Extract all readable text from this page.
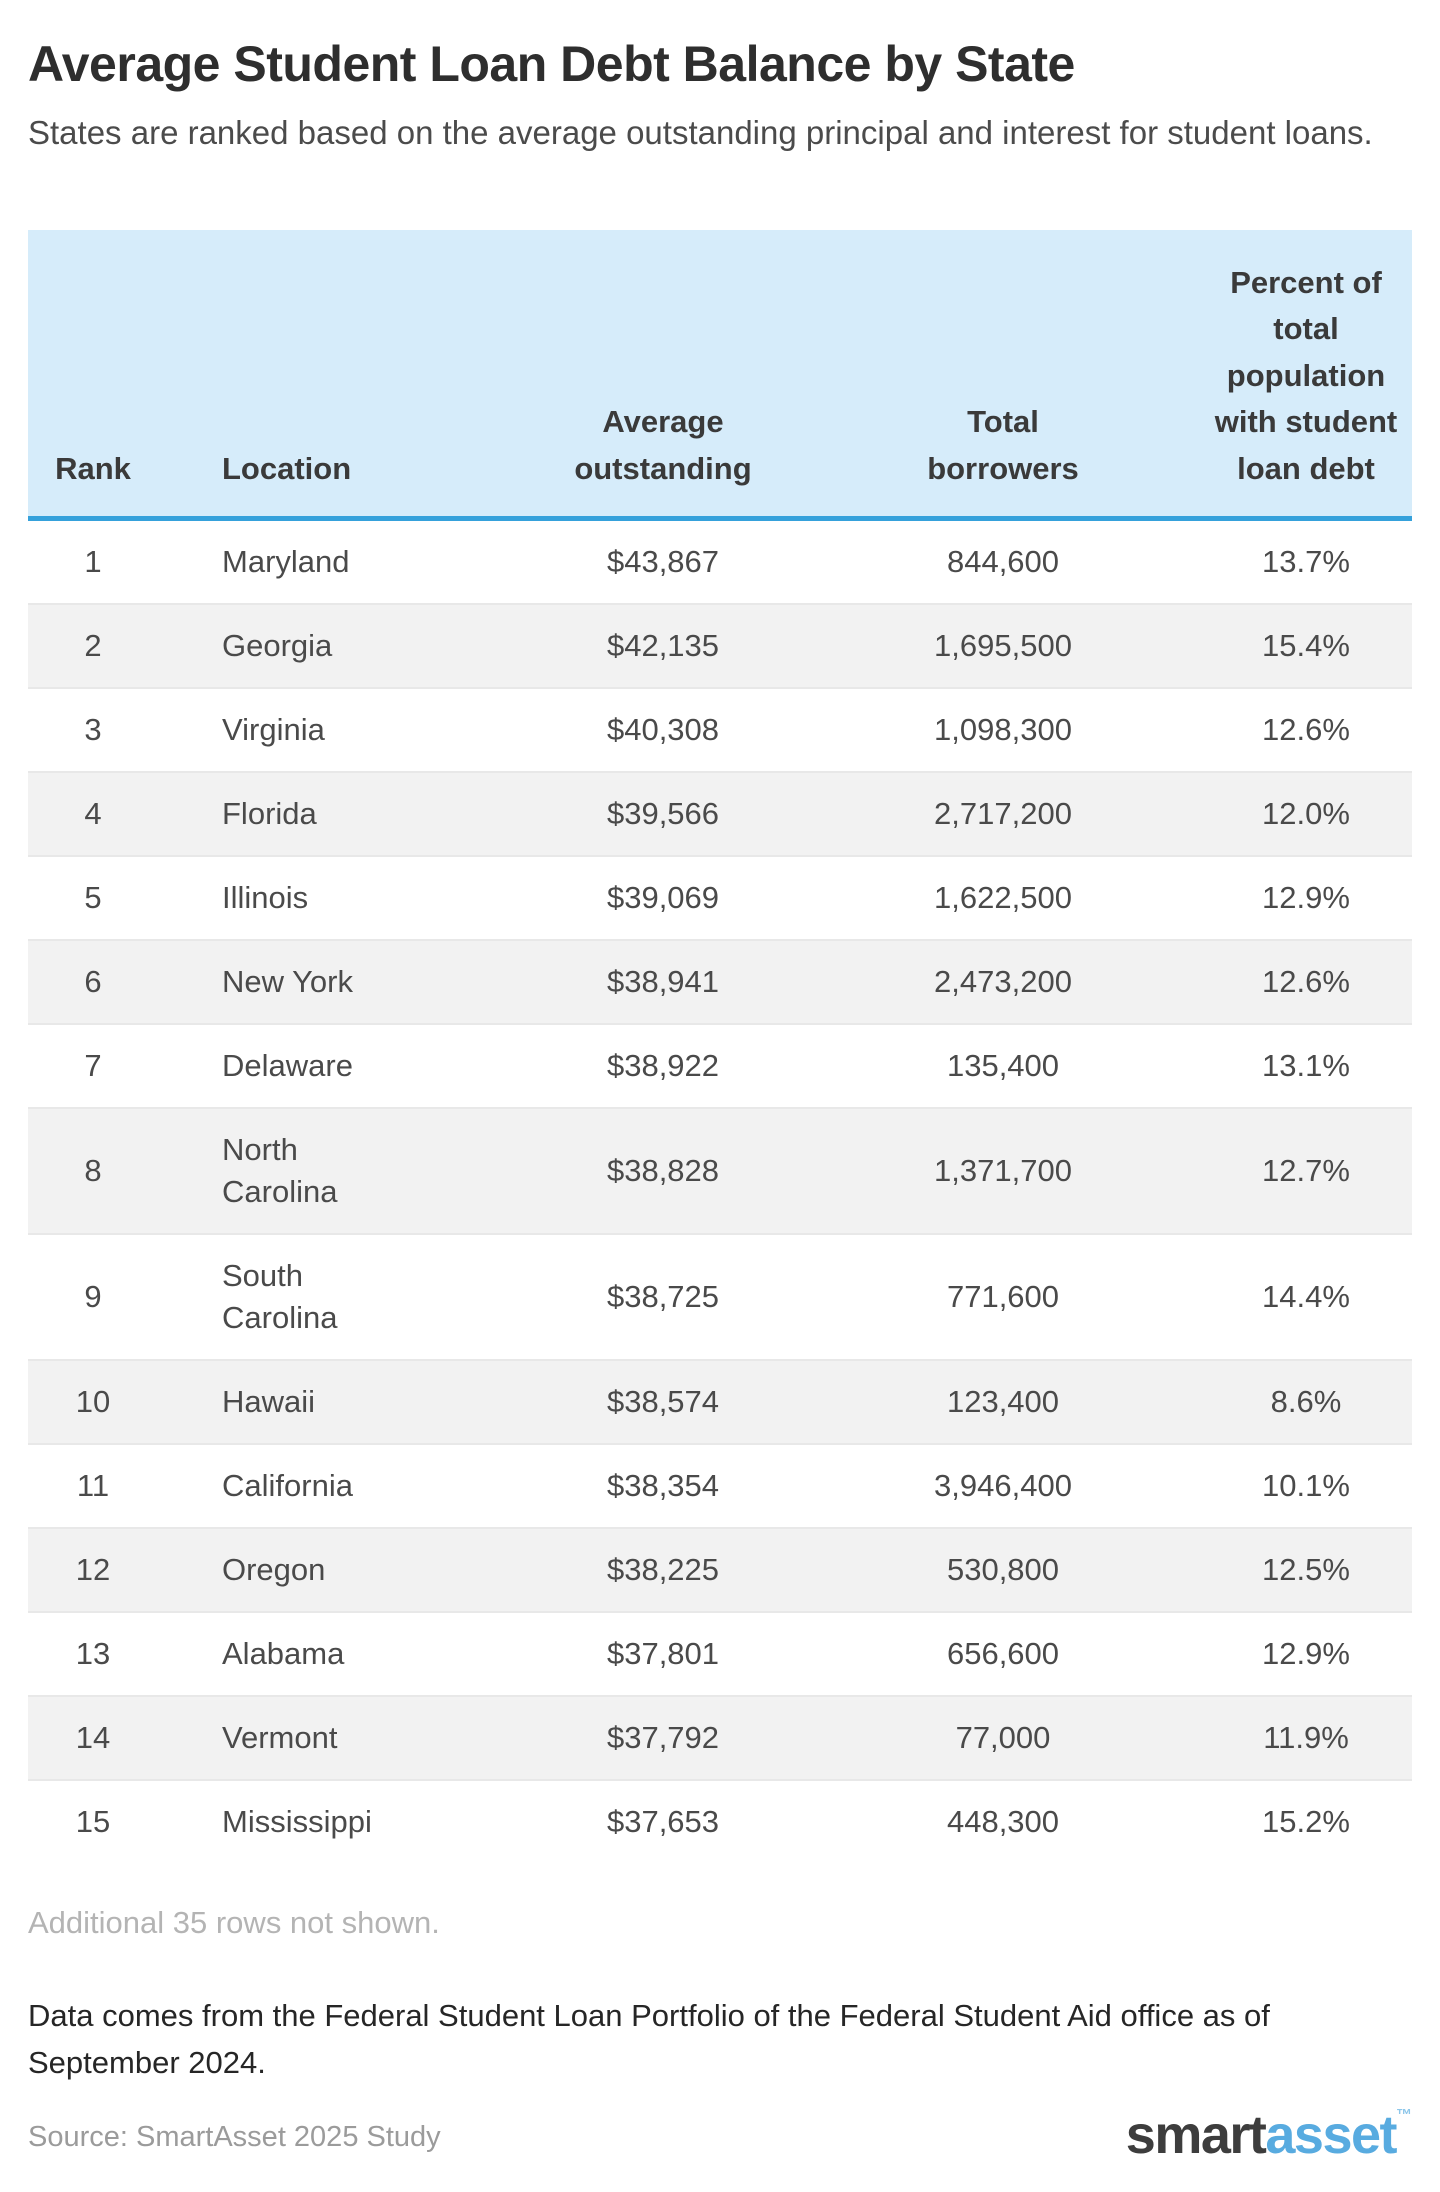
Average Student Loan Debt Balance by State
States are ranked based on the average outstanding principal and interest for student loans.
Rank	Location	Average outstanding	Total borrowers	Percent of total population with student loan debt
1	Maryland	$43,867	844,600	13.7%
2	Georgia	$42,135	1,695,500	15.4%
3	Virginia	$40,308	1,098,300	12.6%
4	Florida	$39,566	2,717,200	12.0%
5	Illinois	$39,069	1,622,500	12.9%
6	New York	$38,941	2,473,200	12.6%
7	Delaware	$38,922	135,400	13.1%
8	North Carolina	$38,828	1,371,700	12.7%
9	South Carolina	$38,725	771,600	14.4%
10	Hawaii	$38,574	123,400	8.6%
11	California	$38,354	3,946,400	10.1%
12	Oregon	$38,225	530,800	12.5%
13	Alabama	$37,801	656,600	12.9%
14	Vermont	$37,792	77,000	11.9%
15	Mississippi	$37,653	448,300	15.2%
Additional 35 rows not shown.
Data comes from the Federal Student Loan Portfolio of the Federal Student Aid office as of September 2024.
Source: SmartAsset 2025 Study	smartasset™
